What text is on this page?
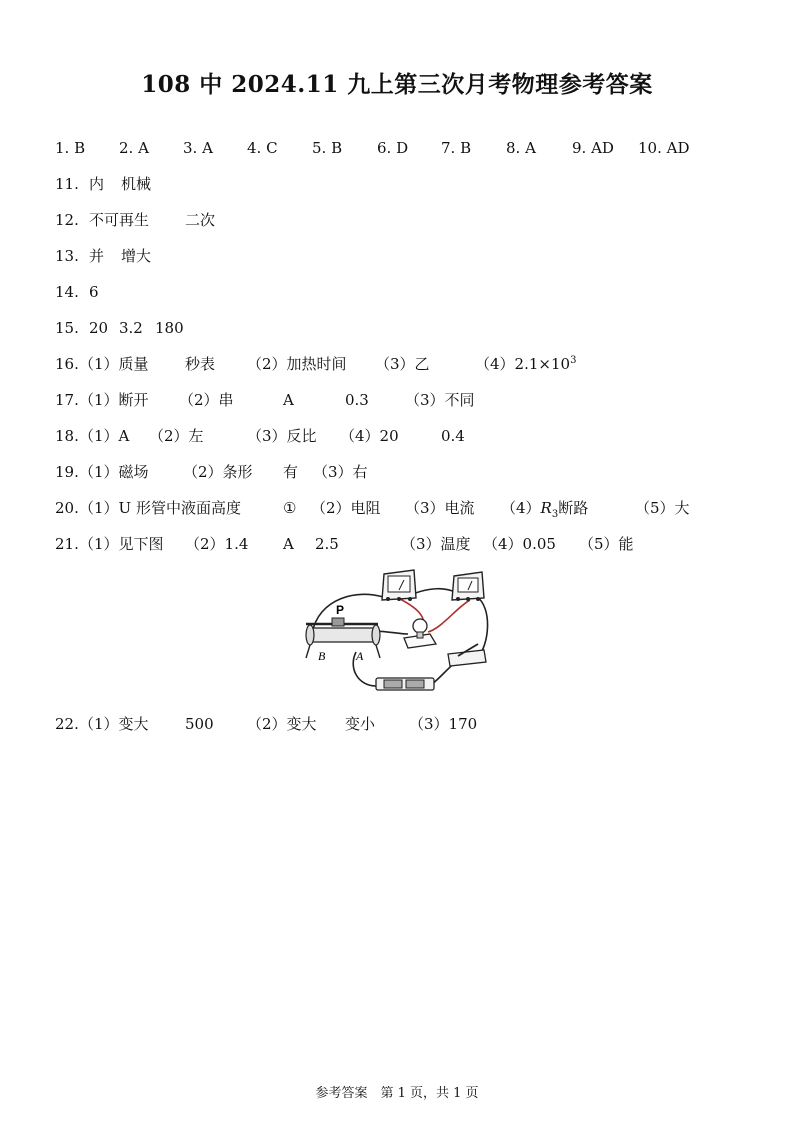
108 中 2024.11 九上第三次月考物理参考答案
1. B 2. A 3. A 4. C 5. B 6. D 7. B 8. A 9. AD 10. AD
11. 内 机械
12. 不可再生 二次
13. 并 增大
14. 6
15. 20 3.2 180
16. （1）质量 秒表 （2）加热时间 （3）乙	$(4)2.1\times 10^3$
17. （1）断开 （2）串	A	0.3 （3）不同
18. （1）A （2）左	（3）反比 （4）20	0.4
19. （1）磁场 （2）条形 有 （3）右
20. （1）U 形管中液面高度	① （2）电阻 （3）电流 $(4)R_3$断路	（5）大
21. （1）见下图 （2）1.4 A 2.5	（3）温度 （4）0.05 （5）能
P
B	A
22. （1）变大 500 （2）变大 变小 （3）170
参考答案　第 1 页，共 1 页
